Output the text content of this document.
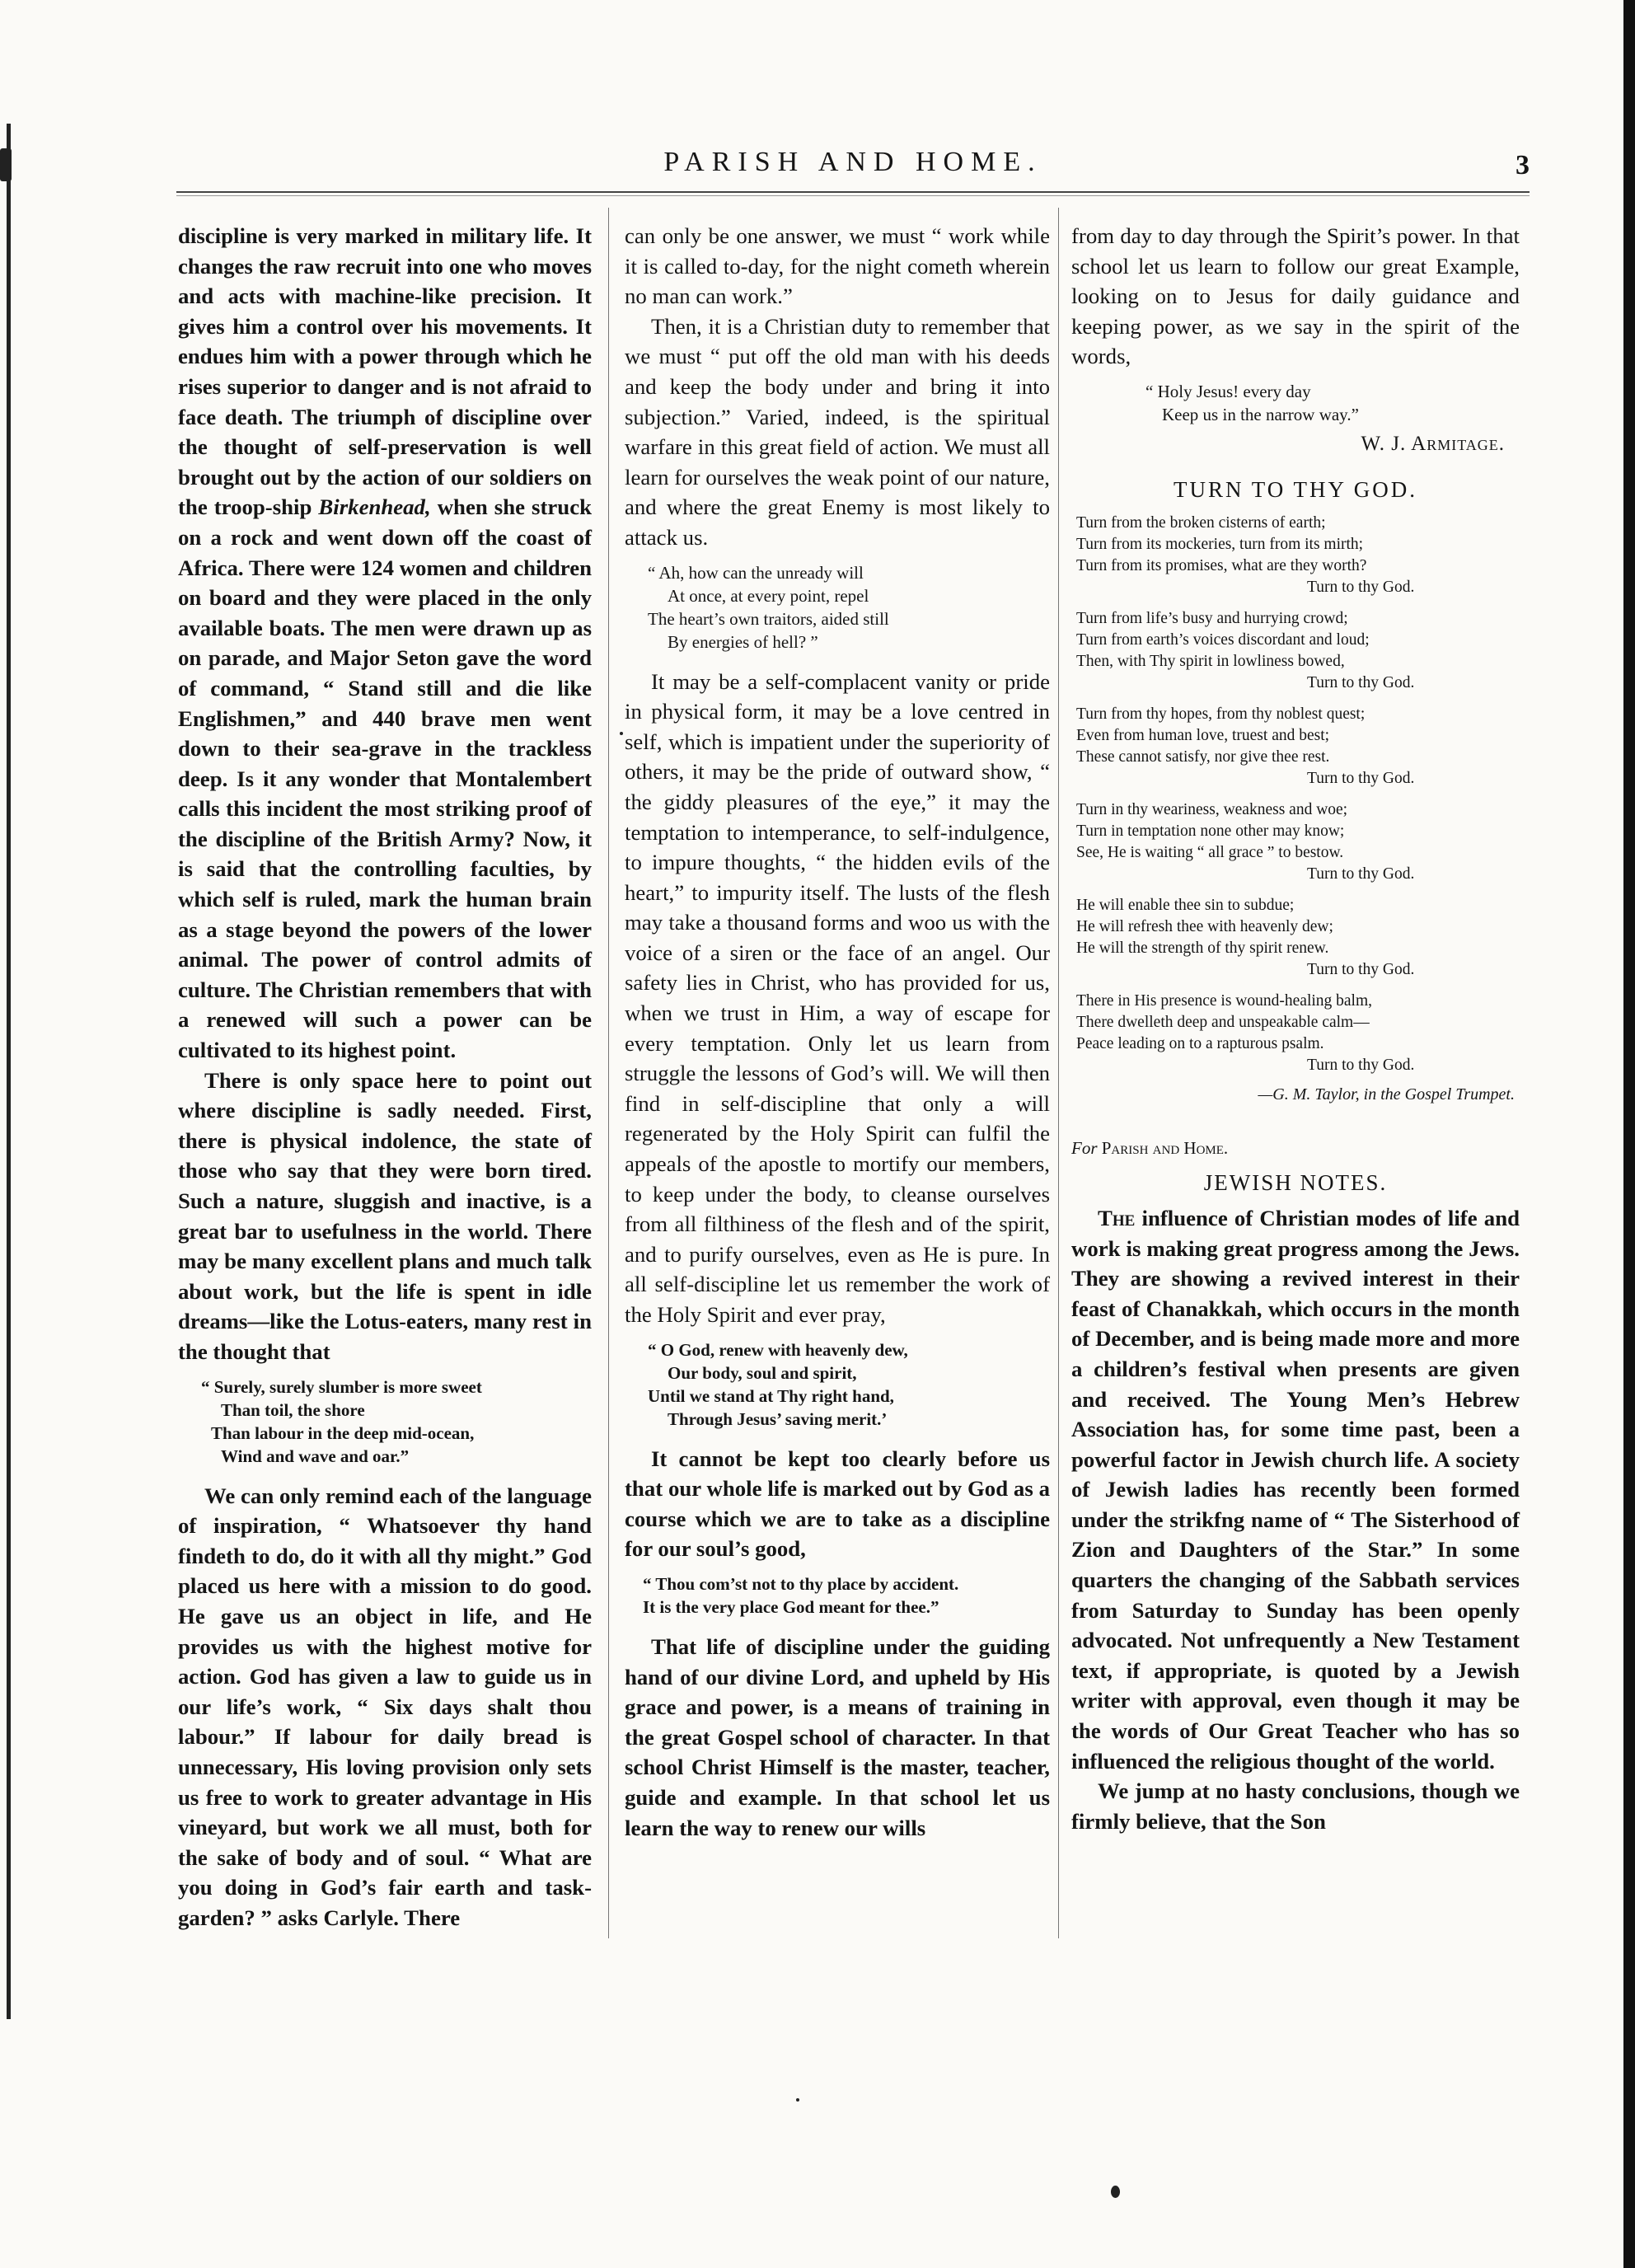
PARISH AND HOME.	3

discipline is very marked in military life. It changes the raw recruit into one who moves and acts with machine-like precision. It gives him a control over his movements. It endues him with a power through which he rises superior to danger and is not afraid to face death. The triumph of discipline over the thought of self-preservation is well brought out by the action of our soldiers on the troop-ship Birkenhead, when she struck on a rock and went down off the coast of Africa. There were 124 women and children on board and they were placed in the only available boats. The men were drawn up as on parade, and Major Seton gave the word of command, “ Stand still and die like Englishmen,” and 440 brave men went down to their sea-grave in the trackless deep. Is it any wonder that Montalembert calls this incident the most striking proof of the discipline of the British Army? Now, it is said that the controlling faculties, by which self is ruled, mark the human brain as a stage beyond the powers of the lower animal. The power of control admits of culture. The Christian remembers that with a renewed will such a power can be cultivated to its highest point.

There is only space here to point out where discipline is sadly needed. First, there is physical indolence, the state of those who say that they were born tired. Such a nature, sluggish and inactive, is a great bar to usefulness in the world. There may be many excellent plans and much talk about work, but the life is spent in idle dreams—like the Lotus-eaters, many rest in the thought that

“ Surely, surely slumber is more sweet
Than toil, the shore
Than labour in the deep mid-ocean,
Wind and wave and oar.”

We can only remind each of the language of inspiration, “ Whatsoever thy hand findeth to do, do it with all thy might.” God placed us here with a mission to do good. He gave us an object in life, and He provides us with the highest motive for action. God has given a law to guide us in our life’s work, “ Six days shalt thou labour.” If labour for daily bread is unnecessary, His loving provision only sets us free to work to greater advantage in His vineyard, but work we all must, both for the sake of body and of soul. “ What are you doing in God’s fair earth and task-garden? ” asks Carlyle. There

can only be one answer, we must “ work while it is called to-day, for the night cometh wherein no man can work.”

Then, it is a Christian duty to remember that we must “ put off the old man with his deeds and keep the body under and bring it into subjection.” Varied, indeed, is the spiritual warfare in this great field of action. We must all learn for ourselves the weak point of our nature, and where the great Enemy is most likely to attack us.

“ Ah, how can the unready will
At once, at every point, repel
The heart’s own traitors, aided still
By energies of hell? ”

It may be a self-complacent vanity or pride in physical form, it may be a love centred in self, which is impatient under the superiority of others, it may be the pride of outward show, “ the giddy pleasures of the eye,” it may the temptation to intemperance, to self-indulgence, to impure thoughts, “ the hidden evils of the heart,” to impurity itself. The lusts of the flesh may take a thousand forms and woo us with the voice of a siren or the face of an angel. Our safety lies in Christ, who has provided for us, when we trust in Him, a way of escape for every temptation. Only let us learn from struggle the lessons of God’s will. We will then find in self-discipline that only a will regenerated by the Holy Spirit can fulfil the appeals of the apostle to mortify our members, to keep under the body, to cleanse ourselves from all filthiness of the flesh and of the spirit, and to purify ourselves, even as He is pure. In all self-discipline let us remember the work of the Holy Spirit and ever pray,

“ O God, renew with heavenly dew,
Our body, soul and spirit,
Until we stand at Thy right hand,
Through Jesus’ saving merit.’

It cannot be kept too clearly before us that our whole life is marked out by God as a course which we are to take as a discipline for our soul’s good,

“ Thou com’st not to thy place by accident.
It is the very place God meant for thee.”

That life of discipline under the guiding hand of our divine Lord, and upheld by His grace and power, is a means of training in the great Gospel school of character. In that school Christ Himself is the master, teacher, guide and example. In that school let us learn the way to renew our wills

from day to day through the Spirit’s power. In that school let us learn to follow our great Example, looking on to Jesus for daily guidance and keeping power, as we say in the spirit of the words,

“ Holy Jesus! every day
Keep us in the narrow way.”
W. J. Armitage.
TURN TO THY GOD.
Turn from the broken cisterns of earth;
Turn from its mockeries, turn from its mirth;
Turn from its promises, what are they worth?
Turn to thy God.
Turn from life’s busy and hurrying crowd;
Turn from earth’s voices discordant and loud;
Then, with Thy spirit in lowliness bowed,
Turn to thy God.
Turn from thy hopes, from thy noblest quest;
Even from human love, truest and best;
These cannot satisfy, nor give thee rest.
Turn to thy God.
Turn in thy weariness, weakness and woe;
Turn in temptation none other may know;
See, He is waiting “ all grace ” to bestow.
Turn to thy God.
He will enable thee sin to subdue;
He will refresh thee with heavenly dew;
He will the strength of thy spirit renew.
Turn to thy God.
There in His presence is wound-healing balm,
There dwelleth deep and unspeakable calm—
Peace leading on to a rapturous psalm.
Turn to thy God.
—G. M. Taylor, in the Gospel Trumpet.
For Parish and Home.
JEWISH NOTES.

The influence of Christian modes of life and work is making great progress among the Jews. They are showing a revived interest in their feast of Chanakkah, which occurs in the month of December, and is being made more and more a children’s festival when presents are given and received. The Young Men’s Hebrew Association has, for some time past, been a powerful factor in Jewish church life. A society of Jewish ladies has recently been formed under the strikfng name of “ The Sisterhood of Zion and Daughters of the Star.” In some quarters the changing of the Sabbath services from Saturday to Sunday has been openly advocated. Not unfrequently a New Testament text, if appropriate, is quoted by a Jewish writer with approval, even though it may be the words of Our Great Teacher who has so influenced the religious thought of the world.

We jump at no hasty conclusions, though we firmly believe, that the Son
